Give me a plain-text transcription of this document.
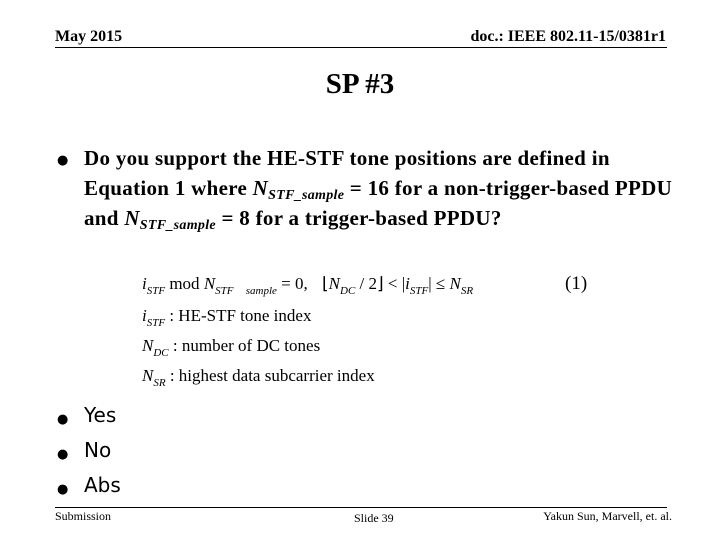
May 2015	doc.: IEEE 802.11-15/0381r1
SP #3
● Do you support the HE-STF tone positions are defined in Equation 1 where $N_{STF\_sample} = 16$ for a non-trigger-based PPDU and $N_{STF\_sample} = 8$ for a trigger-based PPDU?
$i_{STF}$ mod $N_{STF}$ $_{sample}$ = 0, $⌊N_{DC}$ / 2⌋ < $|i_{STF}| \le N_{SR}$	(1)
$i_{STF}$ : HE-STF tone index
$N_{DC}$ : number of DC tones
$N_{SR}$ : highest data subcarrier index
● Yes
● No
● Abs
Submission	Slide 39	Yakun Sun, Marvell, et. al.
